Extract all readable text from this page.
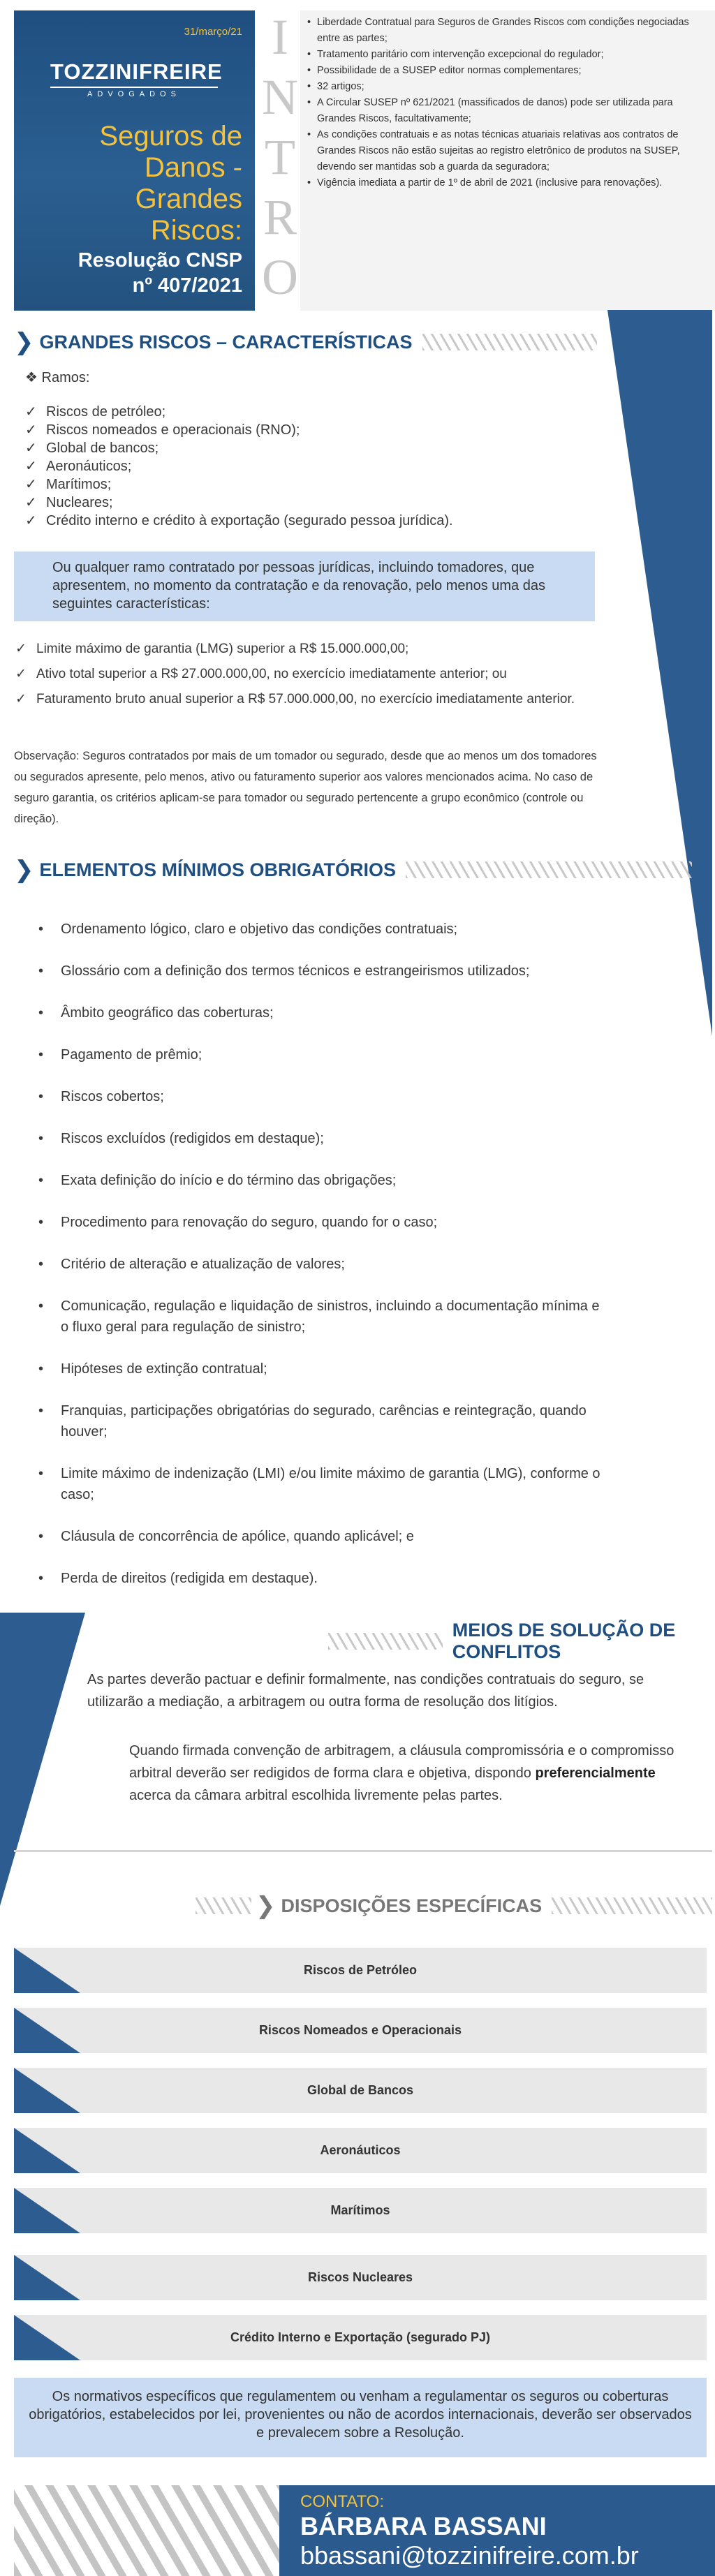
31/março/21
TOZZINIFREIRE
ADVOGADOS
Seguros de
Danos -
Grandes
Riscos:
Resolução CNSP
nº 407/2021
I
N
T
R
O
• Liberdade Contratual para Seguros de Grandes Riscos com condições negociadas entre as partes;
• Tratamento paritário com intervenção excepcional do regulador;
• Possibilidade de a SUSEP editor normas complementares;
• 32 artigos;
• A Circular SUSEP nº 621/2021 (massificados de danos) pode ser utilizada para Grandes Riscos, facultativamente;
• As condições contratuais e as notas técnicas atuariais relativas aos contratos de Grandes Riscos não estão sujeitas ao registro eletrônico de produtos na SUSEP, devendo ser mantidas sob a guarda da seguradora;
• Vigência imediata a partir de 1º de abril de 2021 (inclusive para renovações).
❯ GRANDES RISCOS – CARACTERÍSTICAS
❖ Ramos:
✓ Riscos de petróleo;
✓ Riscos nomeados e operacionais (RNO);
✓ Global de bancos;
✓ Aeronáuticos;
✓ Marítimos;
✓ Nucleares;
✓ Crédito interno e crédito à exportação (segurado pessoa jurídica).
Ou qualquer ramo contratado por pessoas jurídicas, incluindo tomadores, que apresentem, no momento da contratação e da renovação, pelo menos uma das seguintes características:
✓ Limite máximo de garantia (LMG) superior a R$ 15.000.000,00;
✓ Ativo total superior a R$ 27.000.000,00, no exercício imediatamente anterior; ou
✓ Faturamento bruto anual superior a R$ 57.000.000,00, no exercício imediatamente anterior.

Observação: Seguros contratados por mais de um tomador ou segurado, desde que ao menos um dos tomadores ou segurados apresente, pelo menos, ativo ou faturamento superior aos valores mencionados acima. No caso de seguro garantia, os critérios aplicam-se para tomador ou segurado pertencente a grupo econômico (controle ou direção).

❯ ELEMENTOS MÍNIMOS OBRIGATÓRIOS
• Ordenamento lógico, claro e objetivo das condições contratuais;
• Glossário com a definição dos termos técnicos e estrangeirismos utilizados;
• Âmbito geográfico das coberturas;
• Pagamento de prêmio;
• Riscos cobertos;
• Riscos excluídos (redigidos em destaque);
• Exata definição do início e do término das obrigações;
• Procedimento para renovação do seguro, quando for o caso;
• Critério de alteração e atualização de valores;
• Comunicação, regulação e liquidação de sinistros, incluindo a documentação mínima e o fluxo geral para regulação de sinistro;
• Hipóteses de extinção contratual;
• Franquias, participações obrigatórias do segurado, carências e reintegração, quando houver;
• Limite máximo de indenização (LMI) e/ou limite máximo de garantia (LMG), conforme o caso;
• Cláusula de concorrência de apólice, quando aplicável; e
• Perda de direitos (redigida em destaque).
MEIOS DE SOLUÇÃO DE CONFLITOS

As partes deverão pactuar e definir formalmente, nas condições contratuais do seguro, se utilizarão a mediação, a arbitragem ou outra forma de resolução dos litígios.

Quando firmada convenção de arbitragem, a cláusula compromissória e o compromisso arbitral deverão ser redigidos de forma clara e objetiva, dispondo preferencialmente acerca da câmara arbitral escolhida livremente pelas partes.

❯ DISPOSIÇÕES ESPECÍFICAS
Riscos de Petróleo
Riscos Nomeados e Operacionais
Global de Bancos
Aeronáuticos
Marítimos
Riscos Nucleares
Crédito Interno e Exportação (segurado PJ)
Os normativos específicos que regulamentem ou venham a regulamentar os seguros ou coberturas obrigatórios, estabelecidos por lei, provenientes ou não de acordos internacionais, deverão ser observados e prevalecem sobre a Resolução.
CONTATO:
BÁRBARA BASSANI
bbassani@tozzinifreire.com.br
